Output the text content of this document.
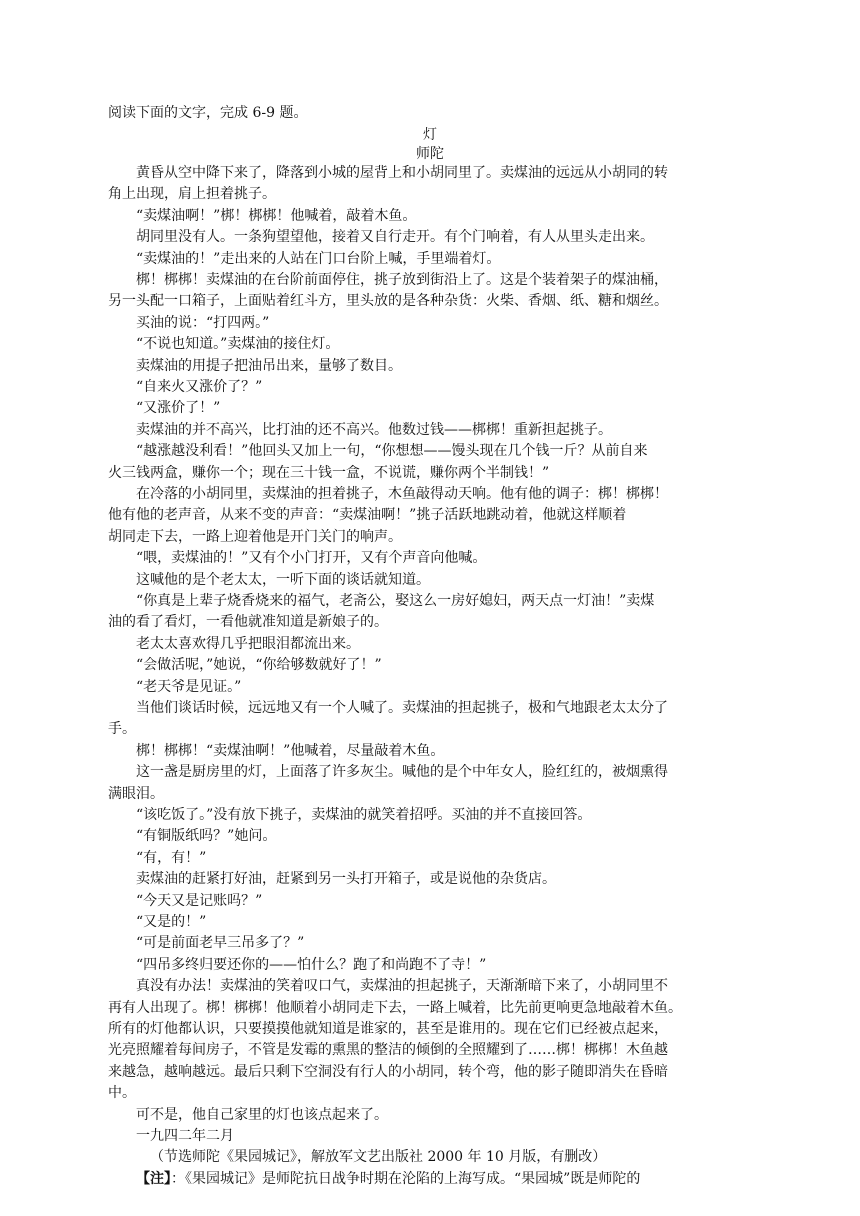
阅读下面的文字，完成 6-9 题。
灯
师陀
黄昏从空中降下来了，降落到小城的屋背上和小胡同里了。卖煤油的远远从小胡同的转
角上出现，肩上担着挑子。
“卖煤油啊！”梆！梆梆！他喊着，敲着木鱼。
胡同里没有人。一条狗望望他，接着又自行走开。有个门响着，有人从里头走出来。
“卖煤油的！”走出来的人站在门口台阶上喊，手里端着灯。
梆！梆梆！卖煤油的在台阶前面停住，挑子放到街沿上了。这是个装着架子的煤油桶，
另一头配一口箱子，上面贴着红斗方，里头放的是各种杂货：火柴、香烟、纸、糖和烟丝。
买油的说：“打四两。”
“不说也知道。”卖煤油的接住灯。
卖煤油的用提子把油吊出来，量够了数目。
“自来火又涨价了？”
“又涨价了！”
卖煤油的并不高兴，比打油的还不高兴。他数过钱——梆梆！重新担起挑子。
“越涨越没利看！”他回头又加上一句，“你想想——馒头现在几个钱一斤？从前自来
火三钱两盒，赚你一个；现在三十钱一盒，不说谎，赚你两个半制钱！”
在冷落的小胡同里，卖煤油的担着挑子，木鱼敲得动天响。他有他的调子：梆！梆梆！
他有他的老声音，从来不变的声音：“卖煤油啊！”挑子活跃地跳动着，他就这样顺着
胡同走下去，一路上迎着他是开门关门的响声。
“喂，卖煤油的！”又有个小门打开，又有个声音向他喊。
这喊他的是个老太太，一听下面的谈话就知道。
“你真是上辈子烧香烧来的福气，老斋公，娶这么一房好媳妇，两天点一灯油！”卖煤
油的看了看灯，一看他就准知道是新娘子的。
老太太喜欢得几乎把眼泪都流出来。
“会做活呢，”她说，“你给够数就好了！”
“老天爷是见证。”
当他们谈话时候，远远地又有一个人喊了。卖煤油的担起挑子，极和气地跟老太太分了
手。
梆！梆梆！“卖煤油啊！”他喊着，尽量敲着木鱼。
这一盏是厨房里的灯，上面落了许多灰尘。喊他的是个中年女人，脸红红的，被烟熏得
满眼泪。
“该吃饭了。”没有放下挑子，卖煤油的就笑着招呼。买油的并不直接回答。
“有铜版纸吗？”她问。
“有，有！”
卖煤油的赶紧打好油，赶紧到另一头打开箱子，或是说他的杂货店。
“今天又是记账吗？”
“又是的！”
“可是前面老早三吊多了？”
“四吊多终归要还你的——怕什么？跑了和尚跑不了寺！”
真没有办法！卖煤油的笑着叹口气，卖煤油的担起挑子，天渐渐暗下来了，小胡同里不
再有人出现了。梆！梆梆！他顺着小胡同走下去，一路上喊着，比先前更响更急地敲着木鱼。
所有的灯他都认识，只要摸摸他就知道是谁家的，甚至是谁用的。现在它们已经被点起来，
光亮照耀着每间房子，不管是发霉的熏黑的整洁的倾倒的全照耀到了……梆！梆梆！木鱼越
来越急，越响越远。最后只剩下空洞没有行人的小胡同，转个弯，他的影子随即消失在昏暗
中。
可不是，他自己家里的灯也该点起来了。
一九四二年二月
（节选师陀《果园城记》，解放军文艺出版社 2000 年 10 月版，有删改）
【注】：《果园城记》是师陀抗日战争时期在沦陷的上海写成。“果园城”既是师陀的
